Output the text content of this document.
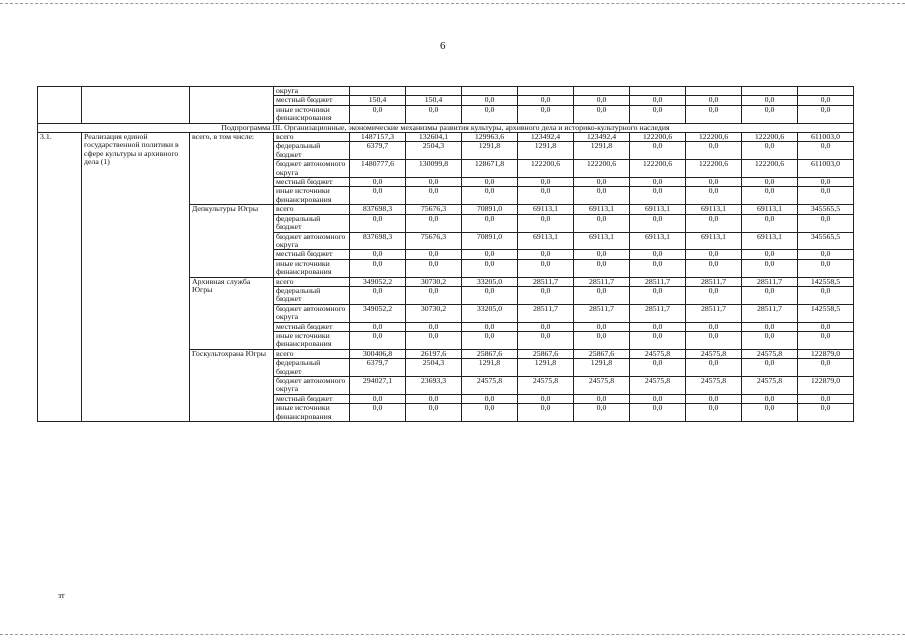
6
			округа									
			местный бюджет	150,4	150,4	0,0	0,0	0,0	0,0	0,0	0,0	0,0
			иные источники финансирования	0,0	0,0	0,0	0,0	0,0	0,0	0,0	0,0	0,0
Подпрограмма III. Организационные, экономические механизмы развития культуры, архивного дела и историко-культурного наследия												
3.1.	Реализация единой государственной политики в сфере культуры и архивного дела (1)	всего, в том числе:	всего	1487157,3	132604,1	129963,6	123492,4	123492,4	122200,6	122200,6	122200,6	611003,0
			федеральный бюджет	6379,7	2504,3	1291,8	1291,8	1291,8	0,0	0,0	0,0	0,0
			бюджет автономного округа	1480777,6	130099,8	128671,8	122200,6	122200,6	122200,6	122200,6	122200,6	611003,0
			местный бюджет	0,0	0,0	0,0	0,0	0,0	0,0	0,0	0,0	0,0
			иные источники финансирования	0,0	0,0	0,0	0,0	0,0	0,0	0,0	0,0	0,0
		Депкультуры Югры	всего	837698,3	75676,3	70891,0	69113,1	69113,1	69113,1	69113,1	69113,1	345565,5
			федеральный бюджет	0,0	0,0	0,0	0,0	0,0	0,0	0,0	0,0	0,0
			бюджет автономного округа	837698,3	75676,3	70891,0	69113,1	69113,1	69113,1	69113,1	69113,1	345565,5
			местный бюджет	0,0	0,0	0,0	0,0	0,0	0,0	0,0	0,0	0,0
			иные источники финансирования	0,0	0,0	0,0	0,0	0,0	0,0	0,0	0,0	0,0
		Архивная служба Югры	всего	349052,2	30730,2	33205,0	28511,7	28511,7	28511,7	28511,7	28511,7	142558,5
			федеральный бюджет	0,0	0,0	0,0	0,0	0,0	0,0	0,0	0,0	0,0
			бюджет автономного округа	349052,2	30730,2	33205,0	28511,7	28511,7	28511,7	28511,7	28511,7	142558,5
			местный бюджет	0,0	0,0	0,0	0,0	0,0	0,0	0,0	0,0	0,0
			иные источники финансирования	0,0	0,0	0,0	0,0	0,0	0,0	0,0	0,0	0,0
		Госкультохрана Югры	всего	300406,8	26197,6	25867,6	25867,6	25867,6	24575,8	24575,8	24575,8	122879,0
			федеральный бюджет	6379,7	2504,3	1291,8	1291,8	1291,8	0,0	0,0	0,0	0,0
			бюджет автономного округа	294027,1	23693,3	24575,8	24575,8	24575,8	24575,8	24575,8	24575,8	122879,0
			местный бюджет	0,0	0,0	0,0	0,0	0,0	0,0	0,0	0,0	0,0
			иные источники финансирования	0,0	0,0	0,0	0,0	0,0	0,0	0,0	0,0	0,0
зт
